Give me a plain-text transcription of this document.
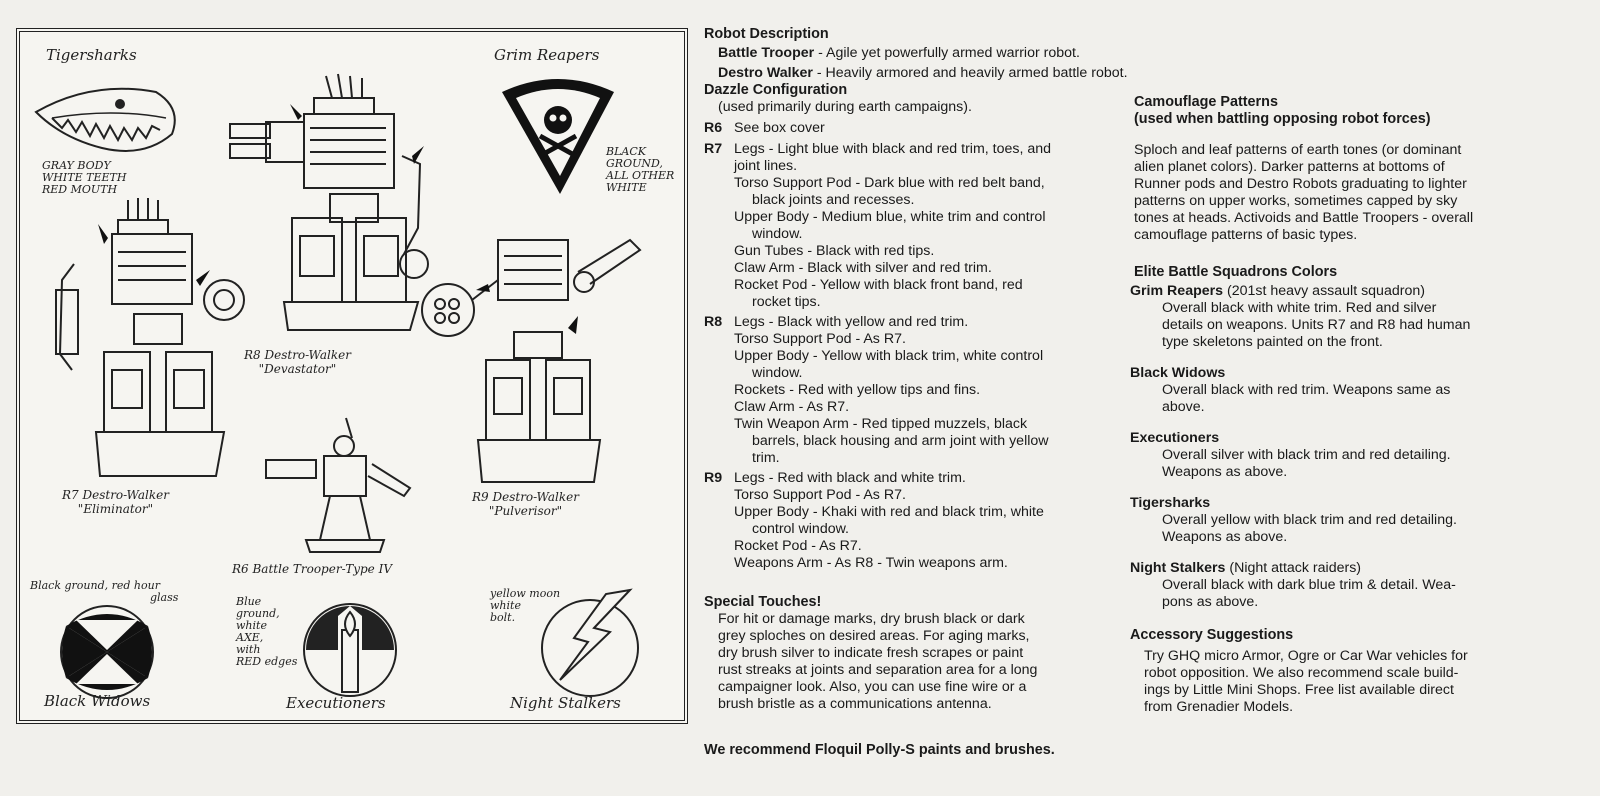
Tigersharks
GRAY BODY
WHITE TEETH
RED MOUTH
Grim Reapers
BLACK
GROUND,
ALL OTHER
WHITE
R8 Destro-Walker
"Devastator"
R7 Destro-Walker
"Eliminator"
R9 Destro-Walker
"Pulverisor"
R6 Battle Trooper-Type IV
Black ground, red hour
glass
Black Widows
Blue
ground,
white
AXE,
with
RED edges
Executioners
yellow moon
white
bolt.
Night Stalkers
Robot Description
Battle Trooper - Agile yet powerfully armed warrior robot.
Destro Walker - Heavily armored and heavily armed battle robot.
Dazzle Configuration
(used primarily during earth campaigns).
R6 See box cover
R7 Legs - Light blue with black and red trim, toes, and
joint lines.
Torso Support Pod - Dark blue with red belt band,
black joints and recesses.
Upper Body - Medium blue, white trim and control
window.
Gun Tubes - Black with red tips.
Claw Arm - Black with silver and red trim.
Rocket Pod - Yellow with black front band, red
rocket tips.
R8 Legs - Black with yellow and red trim.
Torso Support Pod - As R7.
Upper Body - Yellow with black trim, white control
window.
Rockets - Red with yellow tips and fins.
Claw Arm - As R7.
Twin Weapon Arm - Red tipped muzzels, black
barrels, black housing and arm joint with yellow
trim.
R9 Legs - Red with black and white trim.
Torso Support Pod - As R7.
Upper Body - Khaki with red and black trim, white
control window.
Rocket Pod - As R7.
Weapons Arm - As R8 - Twin weapons arm.
Special Touches!
For hit or damage marks, dry brush black or dark
grey sploches on desired areas. For aging marks,
dry brush silver to indicate fresh scrapes or paint
rust streaks at joints and separation area for a long
campaigner look. Also, you can use fine wire or a
brush bristle as a communications antenna.
Camouflage Patterns
(used when battling opposing robot forces)
Sploch and leaf patterns of earth tones (or dominant
alien planet colors). Darker patterns at bottoms of
Runner pods and Destro Robots graduating to lighter
patterns on upper works, sometimes capped by sky
tones at heads. Activoids and Battle Troopers - overall
camouflage patterns of basic types.
Elite Battle Squadrons Colors
Grim Reapers (201st heavy assault squadron)
Overall black with white trim. Red and silver
details on weapons. Units R7 and R8 had human
type skeletons painted on the front.
Black Widows
Overall black with red trim. Weapons same as
above.
Executioners
Overall silver with black trim and red detailing.
Weapons as above.
Tigersharks
Overall yellow with black trim and red detailing.
Weapons as above.
Night Stalkers (Night attack raiders)
Overall black with dark blue trim & detail. Wea-
pons as above.
Accessory Suggestions
Try GHQ micro Armor, Ogre or Car War vehicles for
robot opposition. We also recommend scale build-
ings by Little Mini Shops. Free list available direct
from Grenadier Models.
We recommend Floquil Polly-S paints and brushes.
